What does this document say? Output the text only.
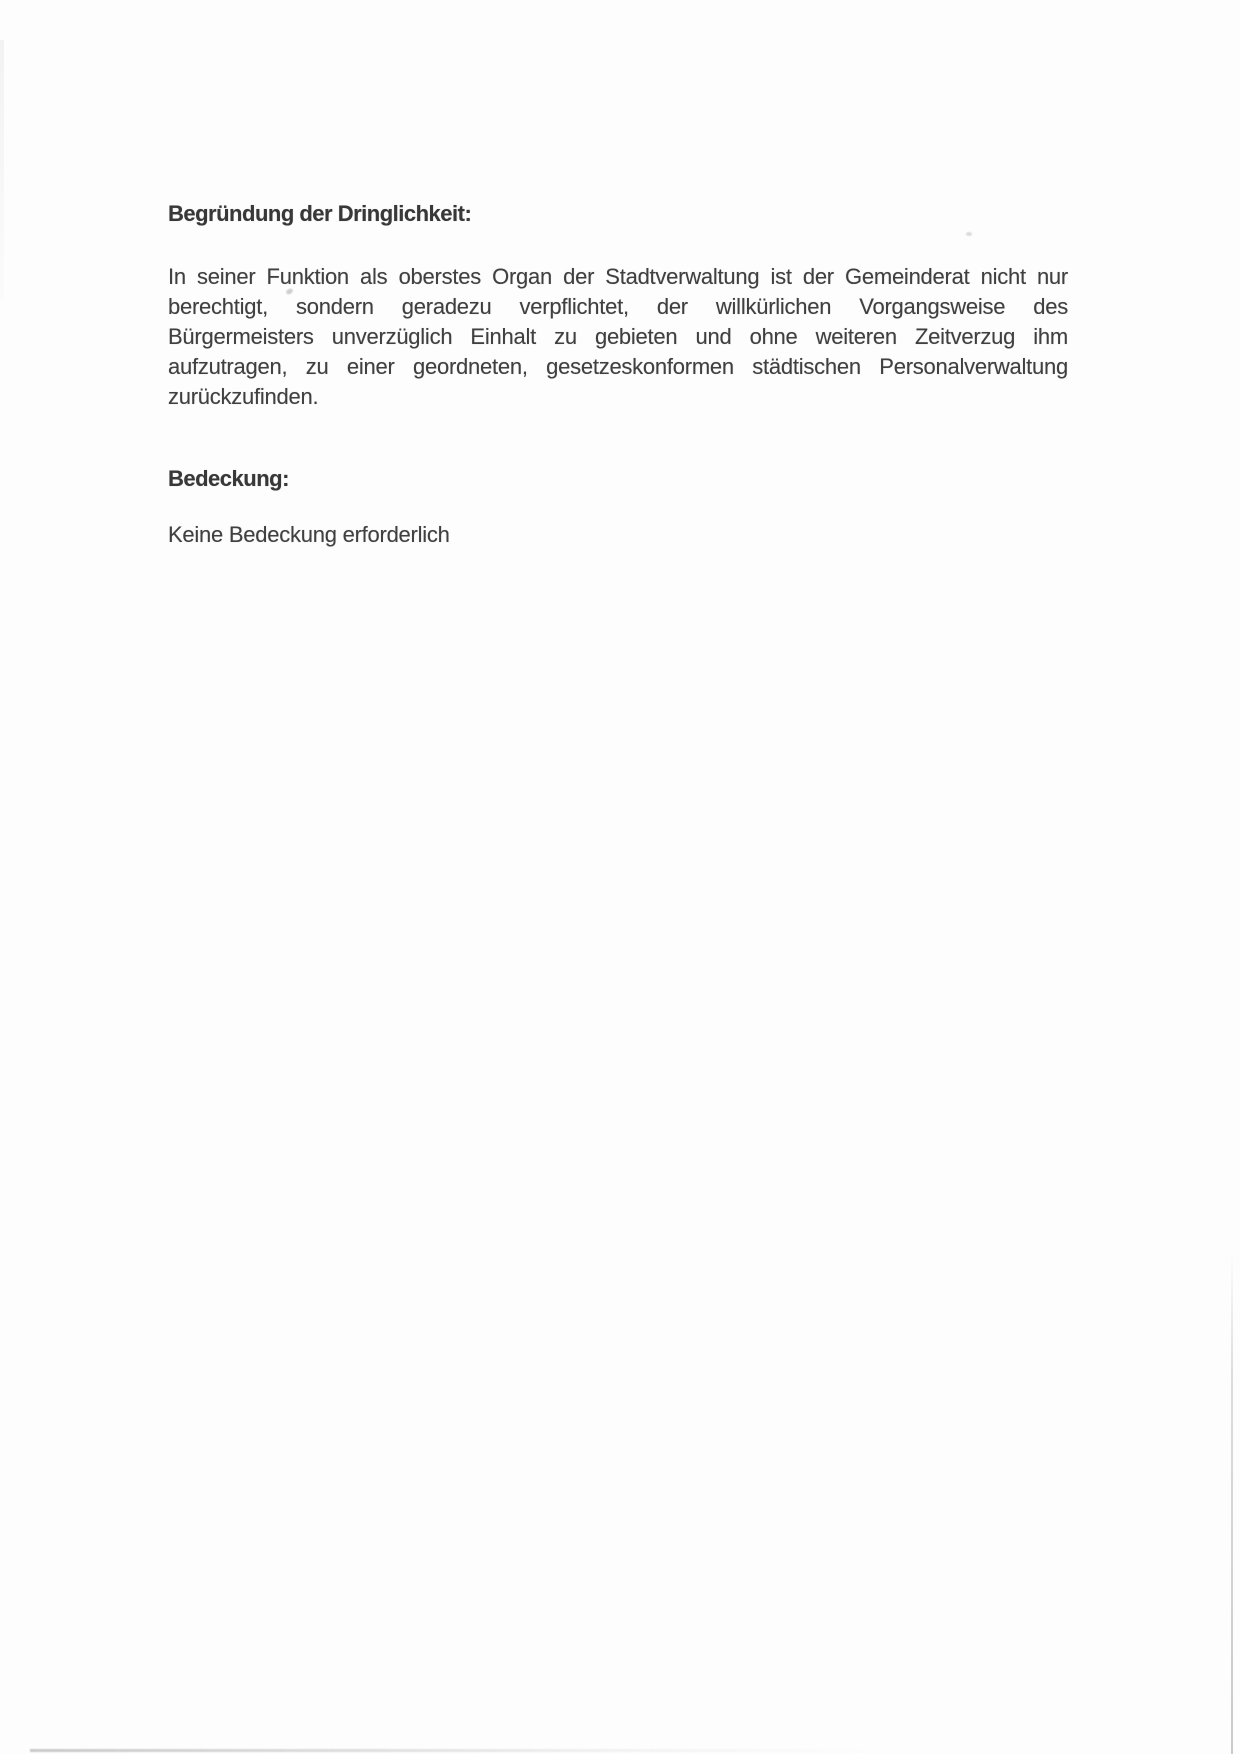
Begründung der Dringlichkeit:
In seiner Funktion als oberstes Organ der Stadtverwaltung ist der Gemeinderat nicht nur
berechtigt, sondern geradezu verpflichtet, der willkürlichen Vorgangsweise des
Bürgermeisters unverzüglich Einhalt zu gebieten und ohne weiteren Zeitverzug ihm
aufzutragen, zu einer geordneten, gesetzeskonformen städtischen Personalverwaltung
zurückzufinden.
Bedeckung:
Keine Bedeckung erforderlich
